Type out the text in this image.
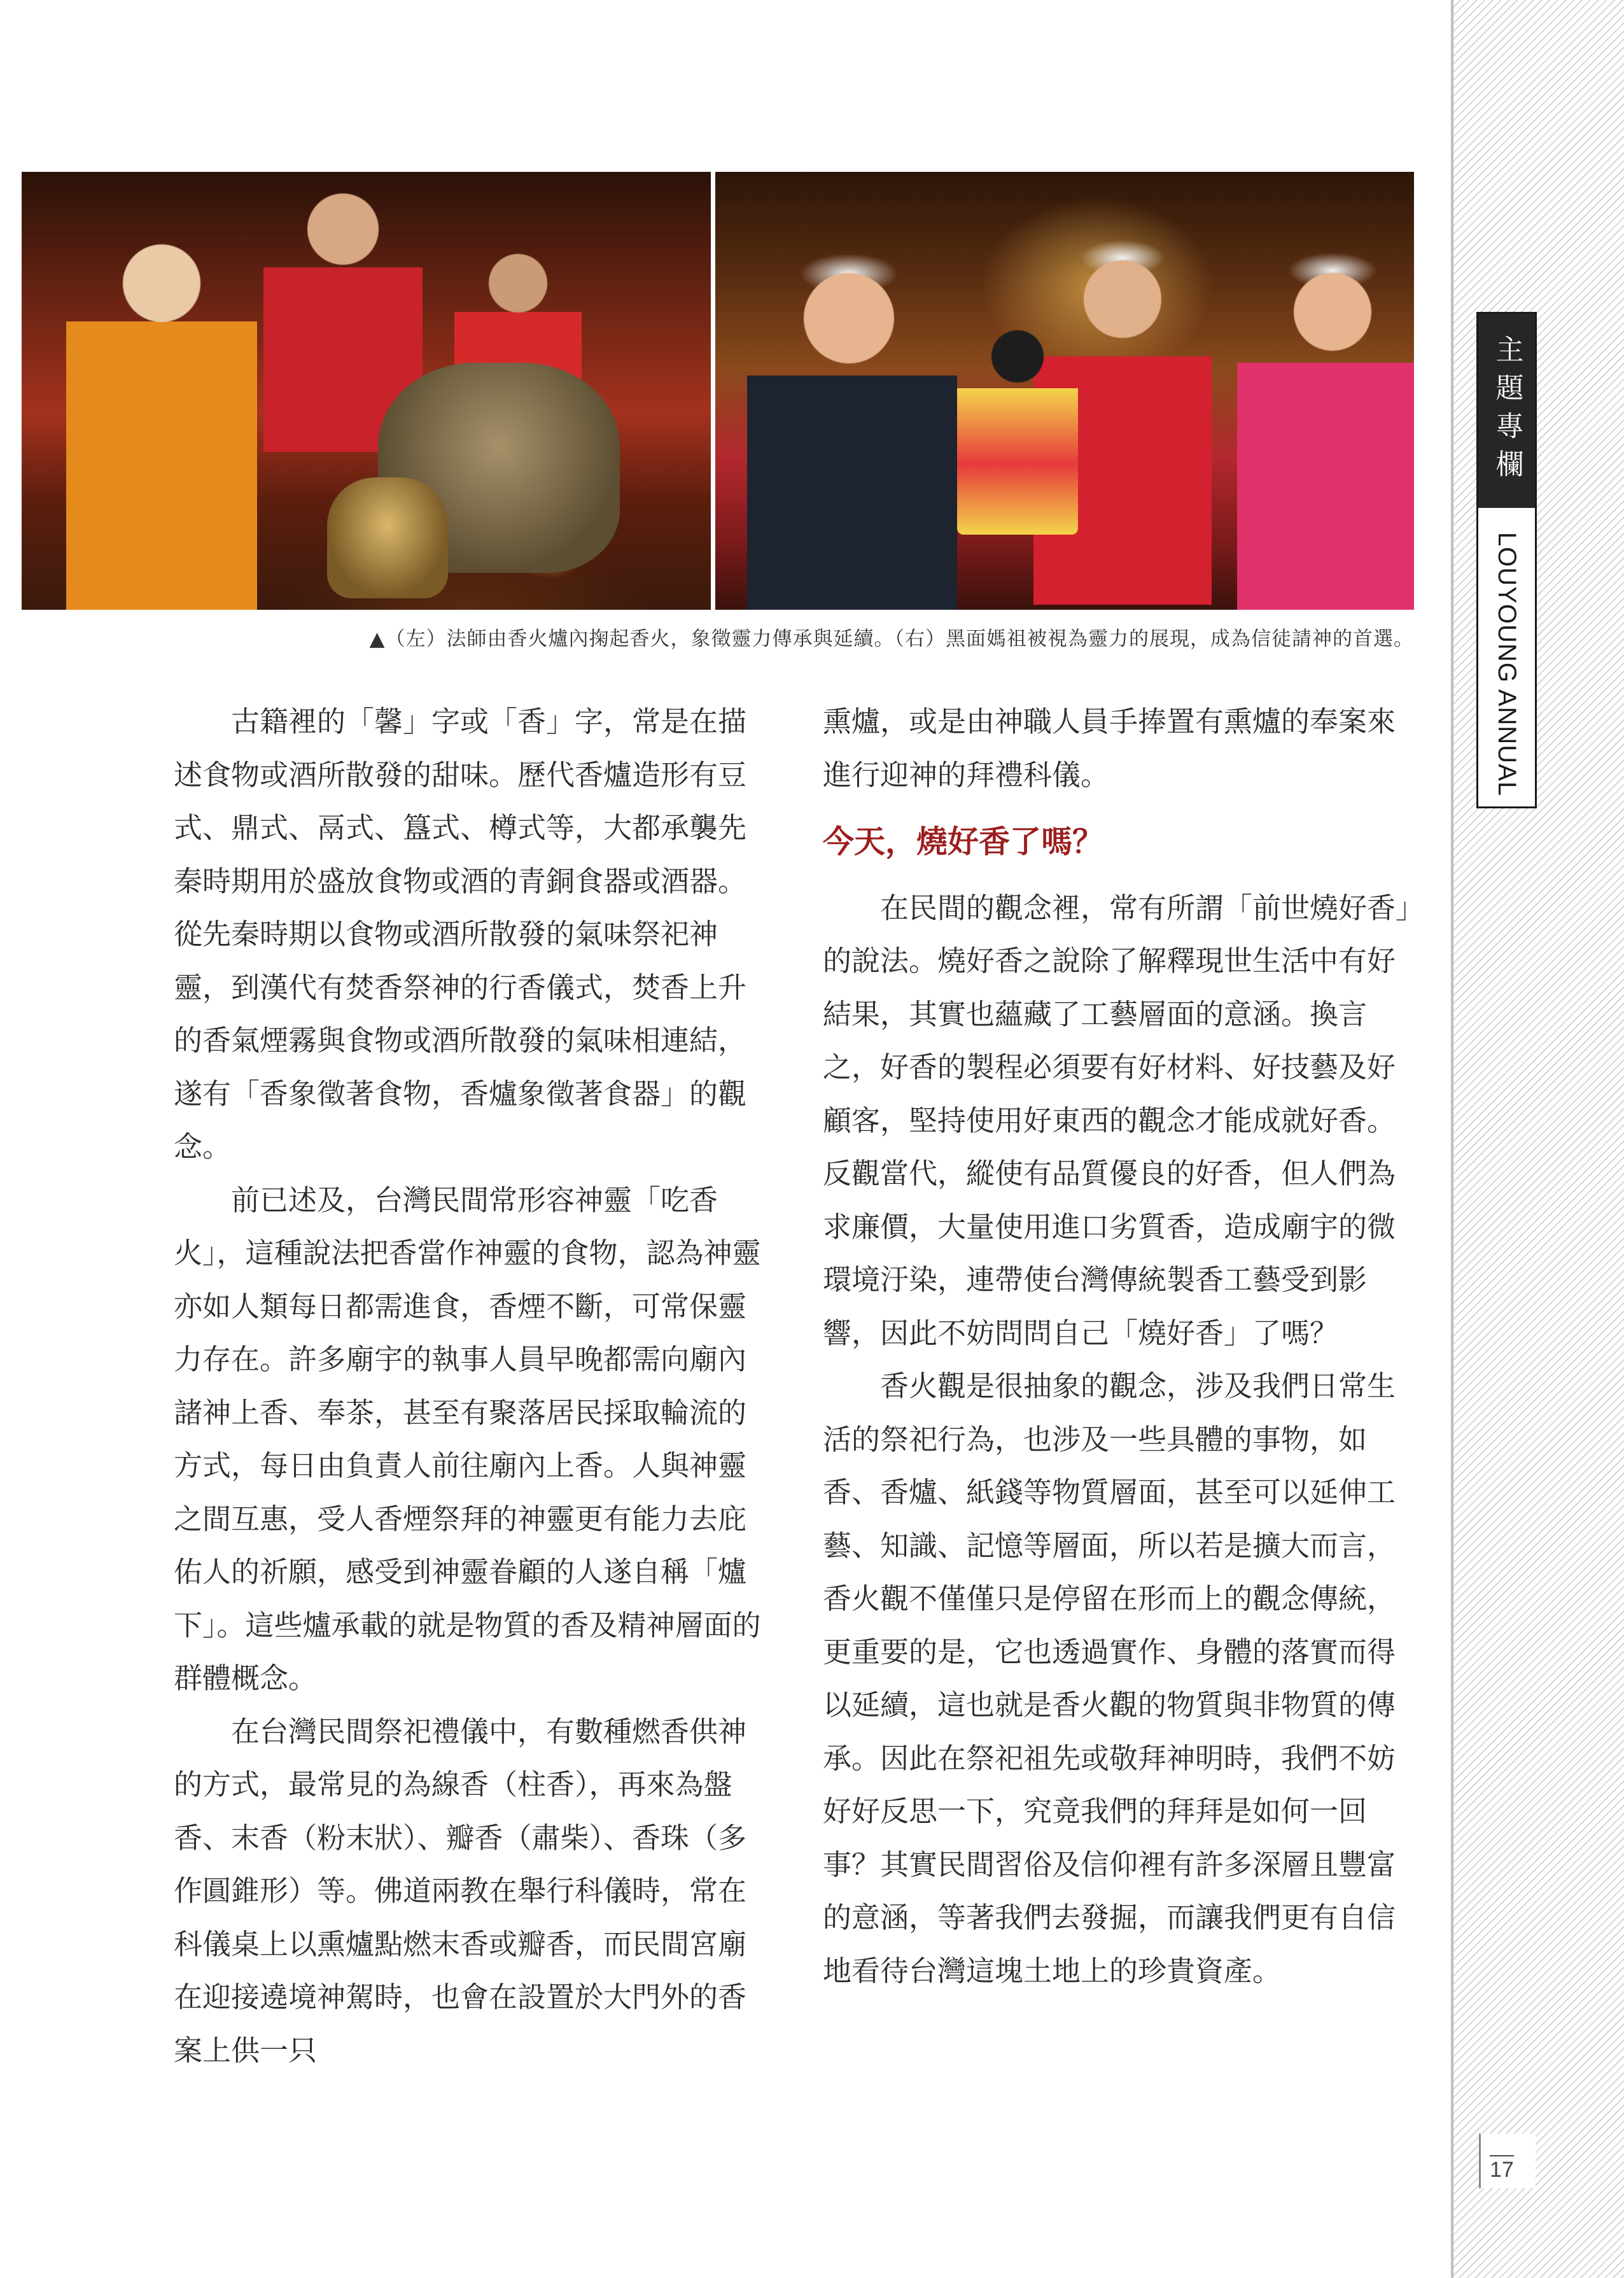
主題專欄
LOUYOUNG ANNUAL
17
▲（左）法師由香火爐內掬起香火，象徵靈力傳承與延續。（右）黑面媽祖被視為靈力的展現，成為信徒請神的首選。

古籍裡的「馨」字或「香」字，常是在描述食物或酒所散發的甜味。歷代香爐造形有豆式、鼎式、鬲式、簋式、樽式等，大都承襲先秦時期用於盛放食物或酒的青銅食器或酒器。從先秦時期以食物或酒所散發的氣味祭祀神靈，到漢代有焚香祭神的行香儀式，焚香上升的香氣煙霧與食物或酒所散發的氣味相連結，遂有「香象徵著食物，香爐象徵著食器」的觀念。

前已述及，台灣民間常形容神靈「吃香火」，這種說法把香當作神靈的食物，認為神靈亦如人類每日都需進食，香煙不斷，可常保靈力存在。許多廟宇的執事人員早晚都需向廟內諸神上香、奉茶，甚至有聚落居民採取輪流的方式，每日由負責人前往廟內上香。人與神靈之間互惠，受人香煙祭拜的神靈更有能力去庇佑人的祈願，感受到神靈眷顧的人遂自稱「爐下」。這些爐承載的就是物質的香及精神層面的群體概念。

在台灣民間祭祀禮儀中，有數種燃香供神的方式，最常見的為線香（柱香），再來為盤香、末香（粉末狀）、瓣香（肅柴）、香珠（多作圓錐形）等。佛道兩教在舉行科儀時，常在科儀桌上以熏爐點燃末香或瓣香，而民間宮廟在迎接遶境神駕時，也會在設置於大門外的香案上供一只

熏爐，或是由神職人員手捧置有熏爐的奉案來進行迎神的拜禮科儀。

今天，燒好香了嗎？

在民間的觀念裡，常有所謂「前世燒好香」的說法。燒好香之說除了解釋現世生活中有好結果，其實也蘊藏了工藝層面的意涵。換言之，好香的製程必須要有好材料、好技藝及好顧客，堅持使用好東西的觀念才能成就好香。反觀當代，縱使有品質優良的好香，但人們為求廉價，大量使用進口劣質香，造成廟宇的微環境汙染，連帶使台灣傳統製香工藝受到影響，因此不妨問問自己「燒好香」了嗎？

香火觀是很抽象的觀念，涉及我們日常生活的祭祀行為，也涉及一些具體的事物，如香、香爐、紙錢等物質層面，甚至可以延伸工藝、知識、記憶等層面，所以若是擴大而言，香火觀不僅僅只是停留在形而上的觀念傳統，更重要的是，它也透過實作、身體的落實而得以延續，這也就是香火觀的物質與非物質的傳承。因此在祭祀祖先或敬拜神明時，我們不妨好好反思一下，究竟我們的拜拜是如何一回事？其實民間習俗及信仰裡有許多深層且豐富的意涵，等著我們去發掘，而讓我們更有自信地看待台灣這塊土地上的珍貴資產。
